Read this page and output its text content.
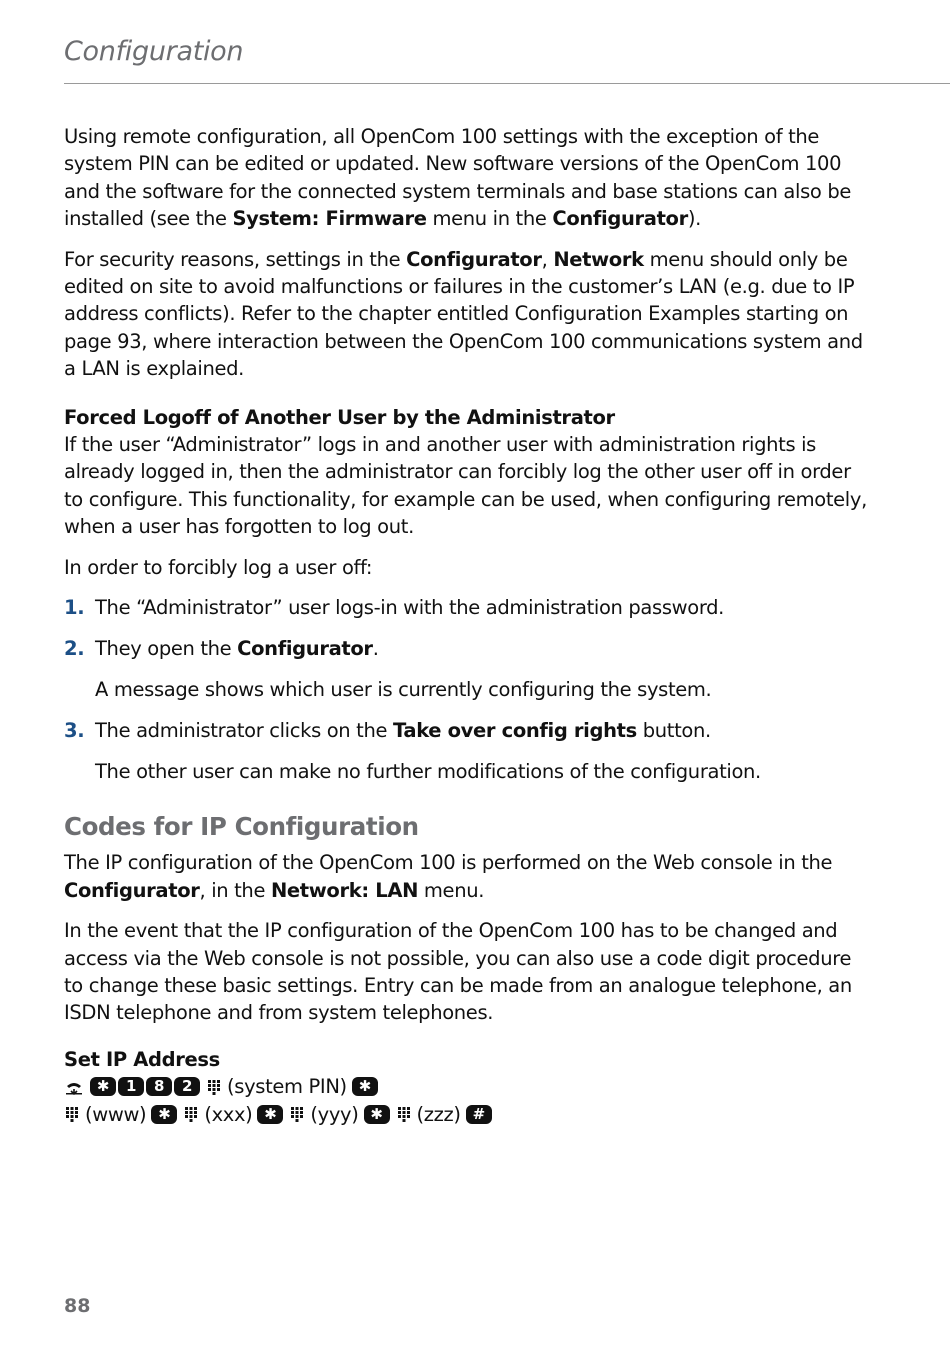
Configuration

Using remote configuration, all OpenCom 100 settings with the exception of the system PIN can be edited or updated. New software versions of the OpenCom 100 and the software for the connected system terminals and base stations can also be installed (see the System: Firmware menu in the Configurator).

For security reasons, settings in the Configurator, Network menu should only be edited on site to avoid malfunctions or failures in the customer’s LAN (e.g. due to IP address conflicts). Refer to the chapter entitled Configuration Examples starting on page 93, where interaction between the OpenCom 100 communications system and a LAN is explained.

Forced Logoff of Another User by the Administrator

If the user “Administrator” logs in and another user with administration rights is already logged in, then the administrator can forcibly log the other user off in order to configure. This functionality, for example can be used, when configuring remotely, when a user has forgotten to log out.

In order to forcibly log a user off:

1. The “Administrator” user logs-in with the administration password.
2. They open the Configurator.
A message shows which user is currently configuring the system.
3. The administrator clicks on the Take over config rights button.
The other user can make no further modifications of the configuration.
Codes for IP Configuration

The IP configuration of the OpenCom 100 is performed on the Web console in the Configurator, in the Network: LAN menu.

In the event that the IP configuration of the OpenCom 100 has to be changed and access via the Web console is not possible, you can also use a code digit procedure to change these basic settings. Entry can be made from an analogue telephone, an ISDN telephone and from system telephones.

Set IP Address
✱	1	8	2	(system PIN) ✱
(www) ✱	(xxx) ✱	(yyy) ✱	(zzz) #
88
